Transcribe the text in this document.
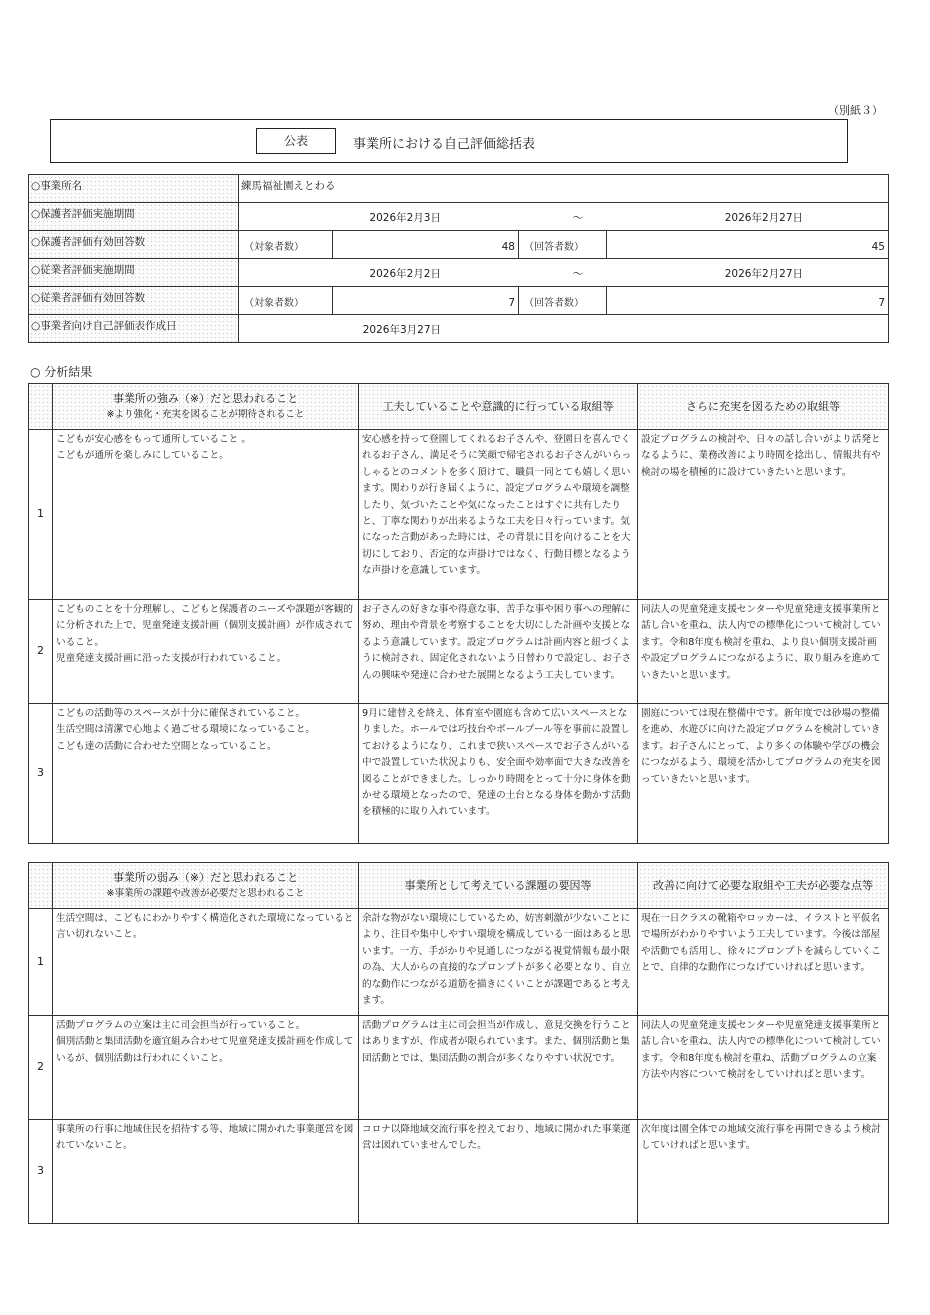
（別紙３）
公表	事業所における自己評価総括表
○事業所名	練馬福祉園えとわる			
○保護者評価実施期間	2026年2月3日 ～ 2026年2月27日			

○保護者評価有効回答数	（対象者数）	48	（回答者数）	45
○従業者評価実施期間	2026年2月2日 ～ 2026年2月27日			

○従業者評価有効回答数	（対象者数）	7	（回答者数）	7
○事業者向け自己評価表作成日	2026年3月27日			
○ 分析結果

	事業所の強み（※）だと思われること
※より強化・充実を図ることが期待されること	工夫していることや意識的に行っている取組等	さらに充実を図るための取組等
1	こどもが安心感をもって通所していること 。
こどもが通所を楽しみにしていること。	安心感を持って登園してくれるお子さんや、登園日を喜んでくれるお子さん、満足そうに笑顔で帰宅されるお子さんがいらっしゃるとのコメントを多く頂けて、職員一同とても嬉しく思います。関わりが行き届くように、設定プログラムや環境を調整したり、気づいたことや気になったことはすぐに共有したりと、丁寧な関わりが出来るような工夫を日々行っています。気になった言動があった時には、その背景に目を向けることを大切にしており、否定的な声掛けではなく、行動目標となるような声掛けを意識しています。	設定プログラムの検討や、日々の話し合いがより活発となるように、業務改善により時間を捻出し、情報共有や検討の場を積極的に設けていきたいと思います。
2	こどものことを十分理解し、こどもと保護者のニーズや課題が客観的に分析された上で、児童発達支援計画（個別支援計画）が作成されていること。
児童発達支援計画に沿った支援が行われていること。	お子さんの好きな事や得意な事、苦手な事や困り事への理解に努め、理由や背景を考察することを大切にした計画や支援となるよう意識しています。設定プログラムは計画内容と紐づくように検討され、固定化されないよう日替わりで設定し、お子さんの興味や発達に合わせた展開となるよう工夫しています。	同法人の児童発達支援センターや児童発達支援事業所と話し合いを重ね、法人内での標準化について検討しています。令和8年度も検討を重ね、より良い個別支援計画や設定プログラムにつながるように、取り組みを進めていきたいと思います。
3	こどもの活動等のスペースが十分に確保されていること。
生活空間は清潔で心地よく過ごせる環境になっていること。
こども達の活動に合わせた空間となっていること。	9月に建替えを終え、体育室や園庭も含めて広いスペースとなりました。ホールでは巧技台やボールプール等を事前に設置しておけるようになり、これまで狭いスペースでお子さんがいる中で設置していた状況よりも、安全面や効率面で大きな改善を図ることができました。しっかり時間をとって十分に身体を動かせる環境となったので、発達の土台となる身体を動かす活動を積極的に取り入れています。	園庭については現在整備中です。新年度では砂場の整備を進め、水遊びに向けた設定プログラムを検討していきます。お子さんにとって、より多くの体験や学びの機会につながるよう、環境を活かしてプログラムの充実を図っていきたいと思います。

	事業所の弱み（※）だと思われること
※事業所の課題や改善が必要だと思われること	事業所として考えている課題の要因等	改善に向けて必要な取組や工夫が必要な点等
1	生活空間は、こどもにわかりやすく構造化された環境になっていると言い切れないこと。	余計な物がない環境にしているため、妨害刺激が少ないことにより、注目や集中しやすい環境を構成している一面はあると思います。一方、手がかりや見通しにつながる視覚情報も最小限の為、大人からの直接的なプロンプトが多く必要となり、自立的な動作につながる道筋を描きにくいことが課題であると考えます。	現在一日クラスの靴箱やロッカーは、イラストと平仮名で場所がわかりやすいよう工夫しています。今後は部屋や活動でも活用し、徐々にプロンプトを減らしていくことで、自律的な動作につなげていければと思います。
2	活動プログラムの立案は主に司会担当が行っていること。
個別活動と集団活動を適宜組み合わせて児童発達支援計画を作成しているが、個別活動は行われにくいこと。	活動プログラムは主に司会担当が作成し、意見交換を行うことはありますが、作成者が限られています。また、個別活動と集団活動とでは、集団活動の割合が多くなりやすい状況です。	同法人の児童発達支援センターや児童発達支援事業所と話し合いを重ね、法人内での標準化について検討しています。令和8年度も検討を重ね、活動プログラムの立案方法や内容について検討をしていければと思います。
3	事業所の行事に地域住民を招待する等、地域に開かれた事業運営を図れていないこと。	コロナ以降地域交流行事を控えており、地域に開かれた事業運営は図れていませんでした。	次年度は園全体での地域交流行事を再開できるよう検討していければと思います。
